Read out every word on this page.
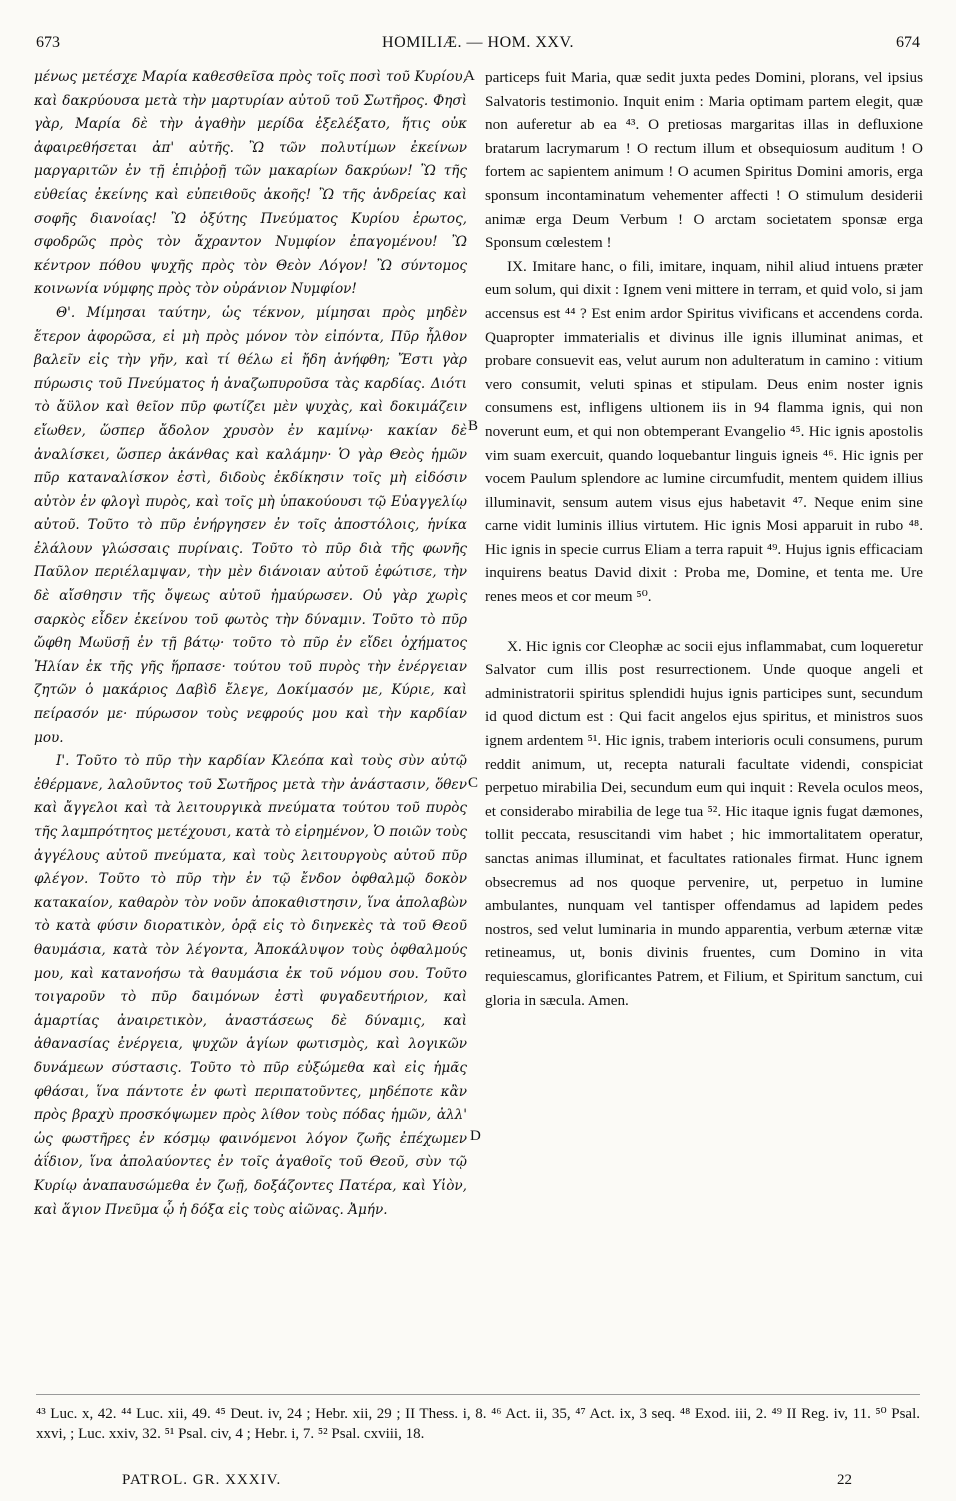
673	HOMILIÆ. — HOM. XXV.	674

μένως μετέσχε Μαρία καθεσθεῖσα πρὸς τοῖς ποσὶ τοῦ Κυρίου, καὶ δακρύουσα μετὰ τὴν μαρτυρίαν αὐτοῦ τοῦ Σωτῆρος. Φησὶ γὰρ, Μαρία δὲ τὴν ἀγαθὴν μερίδα ἐξελέξατο, ἥτις οὐκ ἀφαιρεθήσεται ἀπ' αὐτῆς. Ὢ τῶν πολυτίμων ἐκείνων μαργαριτῶν ἐν τῇ ἐπιῤῥοῇ τῶν μακαρίων δακρύων! Ὢ τῆς εὐθείας ἐκείνης καὶ εὐπειθοῦς ἀκοῆς! Ὢ τῆς ἀνδρείας καὶ σοφῆς διανοίας! Ὢ ὀξύτης Πνεύματος Κυρίου ἐρωτος, σφοδρῶς πρὸς τὸν ἄχραντον Νυμφίον ἐπαγομένου! Ὢ κέντρον πόθου ψυχῆς πρὸς τὸν Θεὸν Λόγον! Ὢ σύντομος κοινωνία νύμφης πρὸς τὸν οὐράνιον Νυμφίον!

Θ'. Μίμησαι ταύτην, ὡς τέκνον, μίμησαι πρὸς μηδὲν ἕτερον ἀφορῶσα, εἰ μὴ πρὸς μόνον τὸν εἰπόντα, Πῦρ ἦλθον βαλεῖν εἰς τὴν γῆν, καὶ τί θέλω εἰ ἤδη ἀνήφθη; Ἔστι γὰρ πύρωσις τοῦ Πνεύματος ἡ ἀναζωπυροῦσα τὰς καρδίας. Διότι τὸ ἄϋλον καὶ θεῖον πῦρ φωτίζει μὲν ψυχὰς, καὶ δοκιμάζειν εἴωθεν, ὥσπερ ἄδολον χρυσὸν ἐν καμίνῳ· κακίαν δὲ ἀναλίσκει, ὥσπερ ἀκάνθας καὶ καλάμην· Ὁ γὰρ Θεὸς ἡμῶν πῦρ καταναλίσκον ἐστὶ, διδοὺς ἐκδίκησιν τοῖς μὴ εἰδόσιν αὐτὸν ἐν φλογὶ πυρὸς, καὶ τοῖς μὴ ὑπακούουσι τῷ Εὐαγγελίῳ αὐτοῦ. Τοῦτο τὸ πῦρ ἐνήργησεν ἐν τοῖς ἀποστόλοις, ἡνίκα ἐλάλουν γλώσσαις πυρίναις. Τοῦτο τὸ πῦρ διὰ τῆς φωνῆς Παῦλον περιέλαμψαν, τὴν μὲν διάνοιαν αὐτοῦ ἐφώτισε, τὴν δὲ αἴσθησιν τῆς ὄψεως αὐτοῦ ἠμαύρωσεν. Οὐ γὰρ χωρὶς σαρκὸς εἶδεν ἐκείνου τοῦ φωτὸς τὴν δύναμιν. Τοῦτο τὸ πῦρ ὤφθη Μωϋσῇ ἐν τῇ βάτῳ· τοῦτο τὸ πῦρ ἐν εἴδει ὀχήματος Ἠλίαν ἐκ τῆς γῆς ἥρπασε· τούτου τοῦ πυρὸς τὴν ἐνέργειαν ζητῶν ὁ μακάριος Δαβὶδ ἔλεγε, Δοκίμασόν με, Κύριε, καὶ πείρασόν με· πύρωσον τοὺς νεφρούς μου καὶ τὴν καρδίαν μου.

Ι'. Τοῦτο τὸ πῦρ τὴν καρδίαν Κλεόπα καὶ τοὺς σὺν αὐτῷ ἐθέρμανε, λαλοῦντος τοῦ Σωτῆρος μετὰ τὴν ἀνάστασιν, ὅθεν καὶ ἄγγελοι καὶ τὰ λειτουργικὰ πνεύματα τούτου τοῦ πυρὸς τῆς λαμπρότητος μετέχουσι, κατὰ τὸ εἰρημένον, Ὁ ποιῶν τοὺς ἀγγέλους αὐτοῦ πνεύματα, καὶ τοὺς λειτουργοὺς αὐτοῦ πῦρ φλέγον. Τοῦτο τὸ πῦρ τὴν ἐν τῷ ἔνδον ὀφθαλμῷ δοκὸν κατακαίον, καθαρὸν τὸν νοῦν ἀποκαθιστησιν, ἵνα ἀπολαβὼν τὸ κατὰ φύσιν διορατικὸν, ὁρᾷ εἰς τὸ διηνεκὲς τὰ τοῦ Θεοῦ θαυμάσια, κατὰ τὸν λέγοντα, Ἀποκάλυψον τοὺς ὀφθαλμούς μου, καὶ κατανοήσω τὰ θαυμάσια ἐκ τοῦ νόμου σου. Τοῦτο τοιγαροῦν τὸ πῦρ δαιμόνων ἐστὶ φυγαδευτήριον, καὶ ἁμαρτίας ἀναιρετικὸν, ἀναστάσεως δὲ δύναμις, καὶ ἀθανασίας ἐνέργεια, ψυχῶν ἁγίων φωτισμὸς, καὶ λογικῶν δυνάμεων σύστασις. Τοῦτο τὸ πῦρ εὐξώμεθα καὶ εἰς ἡμᾶς φθάσαι, ἵνα πάντοτε ἐν φωτὶ περιπατοῦντες, μηδέποτε κἂν πρὸς βραχὺ προσκόψωμεν πρὸς λίθον τοὺς πόδας ἡμῶν, ἀλλ' ὡς φωστῆρες ἐν κόσμῳ φαινόμενοι λόγον ζωῆς ἐπέχωμεν ἀΐδιον, ἵνα ἀπολαύοντες ἐν τοῖς ἀγαθοῖς τοῦ Θεοῦ, σὺν τῷ Κυρίῳ ἀναπαυσώμεθα ἐν ζωῇ, δοξάζοντες Πατέρα, καὶ Υἱὸν, καὶ ἅγιον Πνεῦμα ᾧ ἡ δόξα εἰς τοὺς αἰῶνας. Ἀμήν.

particeps fuit Maria, quæ sedit juxta pedes Domini, plorans, vel ipsius Salvatoris testimonio. Inquit enim : Maria optimam partem elegit, quæ non auferetur ab ea ⁴³. O pretiosas margaritas illas in defluxione bratarum lacrymarum ! O rectum illum et obsequiosum auditum ! O fortem ac sapientem animum ! O acumen Spiritus Domini amoris, erga sponsum incontaminatum vehementer affecti ! O stimulum desiderii animæ erga Deum Verbum ! O arctam societatem sponsæ erga Sponsum cœlestem !

IX. Imitare hanc, o fili, imitare, inquam, nihil aliud intuens præter eum solum, qui dixit : Ignem veni mittere in terram, et quid volo, si jam accensus est ⁴⁴ ? Est enim ardor Spiritus vivificans et accendens corda. Quapropter immaterialis et divinus ille ignis illuminat animas, et probare consuevit eas, velut aurum non adulteratum in camino : vitium vero consumit, veluti spinas et stipulam. Deus enim noster ignis consumens est, infligens ultionem iis in 94 flamma ignis, qui non noverunt eum, et qui non obtemperant Evangelio ⁴⁵. Hic ignis apostolis vim suam exercuit, quando loquebantur linguis igneis ⁴⁶. Hic ignis per vocem Paulum splendore ac lumine circumfudit, mentem quidem illius illuminavit, sensum autem visus ejus habetavit ⁴⁷. Neque enim sine carne vidit luminis illius virtutem. Hic ignis Mosi apparuit in rubo ⁴⁸. Hic ignis in specie currus Eliam a terra rapuit ⁴⁹. Hujus ignis efficaciam inquirens beatus David dixit : Proba me, Domine, et tenta me. Ure renes meos et cor meum ⁵⁰.

X. Hic ignis cor Cleophæ ac socii ejus inflammabat, cum loqueretur Salvator cum illis post resurrectionem. Unde quoque angeli et administratorii spiritus splendidi hujus ignis participes sunt, secundum id quod dictum est : Qui facit angelos ejus spiritus, et ministros suos ignem ardentem ⁵¹. Hic ignis, trabem interioris oculi consumens, purum reddit animum, ut, recepta naturali facultate videndi, conspiciat perpetuo mirabilia Dei, secundum eum qui inquit : Revela oculos meos, et considerabo mirabilia de lege tua ⁵². Hic itaque ignis fugat dæmones, tollit peccata, resuscitandi vim habet ; hic immortalitatem operatur, sanctas animas illuminat, et facultates rationales firmat. Hunc ignem obsecremus ad nos quoque pervenire, ut, perpetuo in lumine ambulantes, nunquam vel tantisper offendamus ad lapidem pedes nostros, sed velut luminaria in mundo apparentia, verbum æternæ vitæ retineamus, ut, bonis divinis fruentes, cum Domino in vita requiescamus, glorificantes Patrem, et Filium, et Spiritum sanctum, cui gloria in sæcula. Amen.

A
B
C
D

⁴³ Luc. x, 42. ⁴⁴ Luc. xii, 49. ⁴⁵ Deut. iv, 24 ; Hebr. xii, 29 ; II Thess. i, 8. ⁴⁶ Act. ii, 35, ⁴⁷ Act. ix, 3 seq. ⁴⁸ Exod. iii, 2. ⁴⁹ II Reg. iv, 11. ⁵⁰ Psal. xxvi, ; Luc. xxiv, 32. ⁵¹ Psal. civ, 4 ; Hebr. i, 7. ⁵² Psal. cxviii, 18.

PATROL. GR. XXXIV.	22
